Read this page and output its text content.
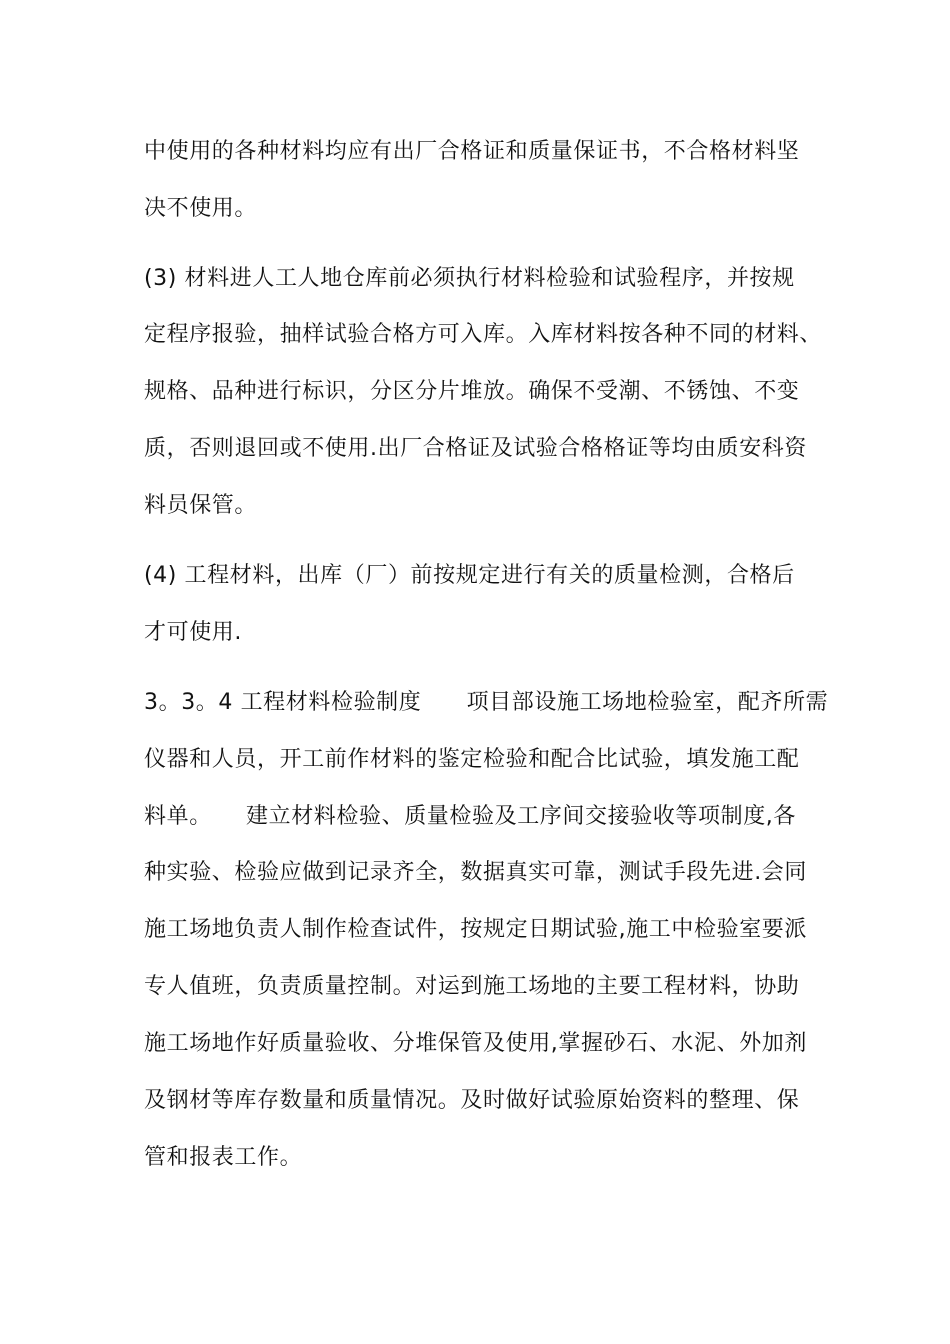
中使用的各种材料均应有出厂合格证和质量保证书，不合格材料坚

决不使用。

(3) 材料进人工人地仓库前必须执行材料检验和试验程序，并按规

定程序报验，抽样试验合格方可入库。入库材料按各种不同的材料、

规格、品种进行标识，分区分片堆放。确保不受潮、不锈蚀、不变

质，否则退回或不使用.出厂合格证及试验合格格证等均由质安科资

料员保管。

(4) 工程材料，出库（厂）前按规定进行有关的质量检测，合格后

才可使用.

3。3。4 工程材料检验制度　　项目部设施工场地检验室，配齐所需

仪器和人员，开工前作材料的鉴定检验和配合比试验，填发施工配

料单。　　建立材料检验、质量检验及工序间交接验收等项制度,各

种实验、检验应做到记录齐全，数据真实可靠，测试手段先进.会同

施工场地负责人制作检查试件，按规定日期试验,施工中检验室要派

专人值班，负责质量控制。对运到施工场地的主要工程材料，协助

施工场地作好质量验收、分堆保管及使用,掌握砂石、水泥、外加剂

及钢材等库存数量和质量情况。及时做好试验原始资料的整理、保

管和报表工作。
